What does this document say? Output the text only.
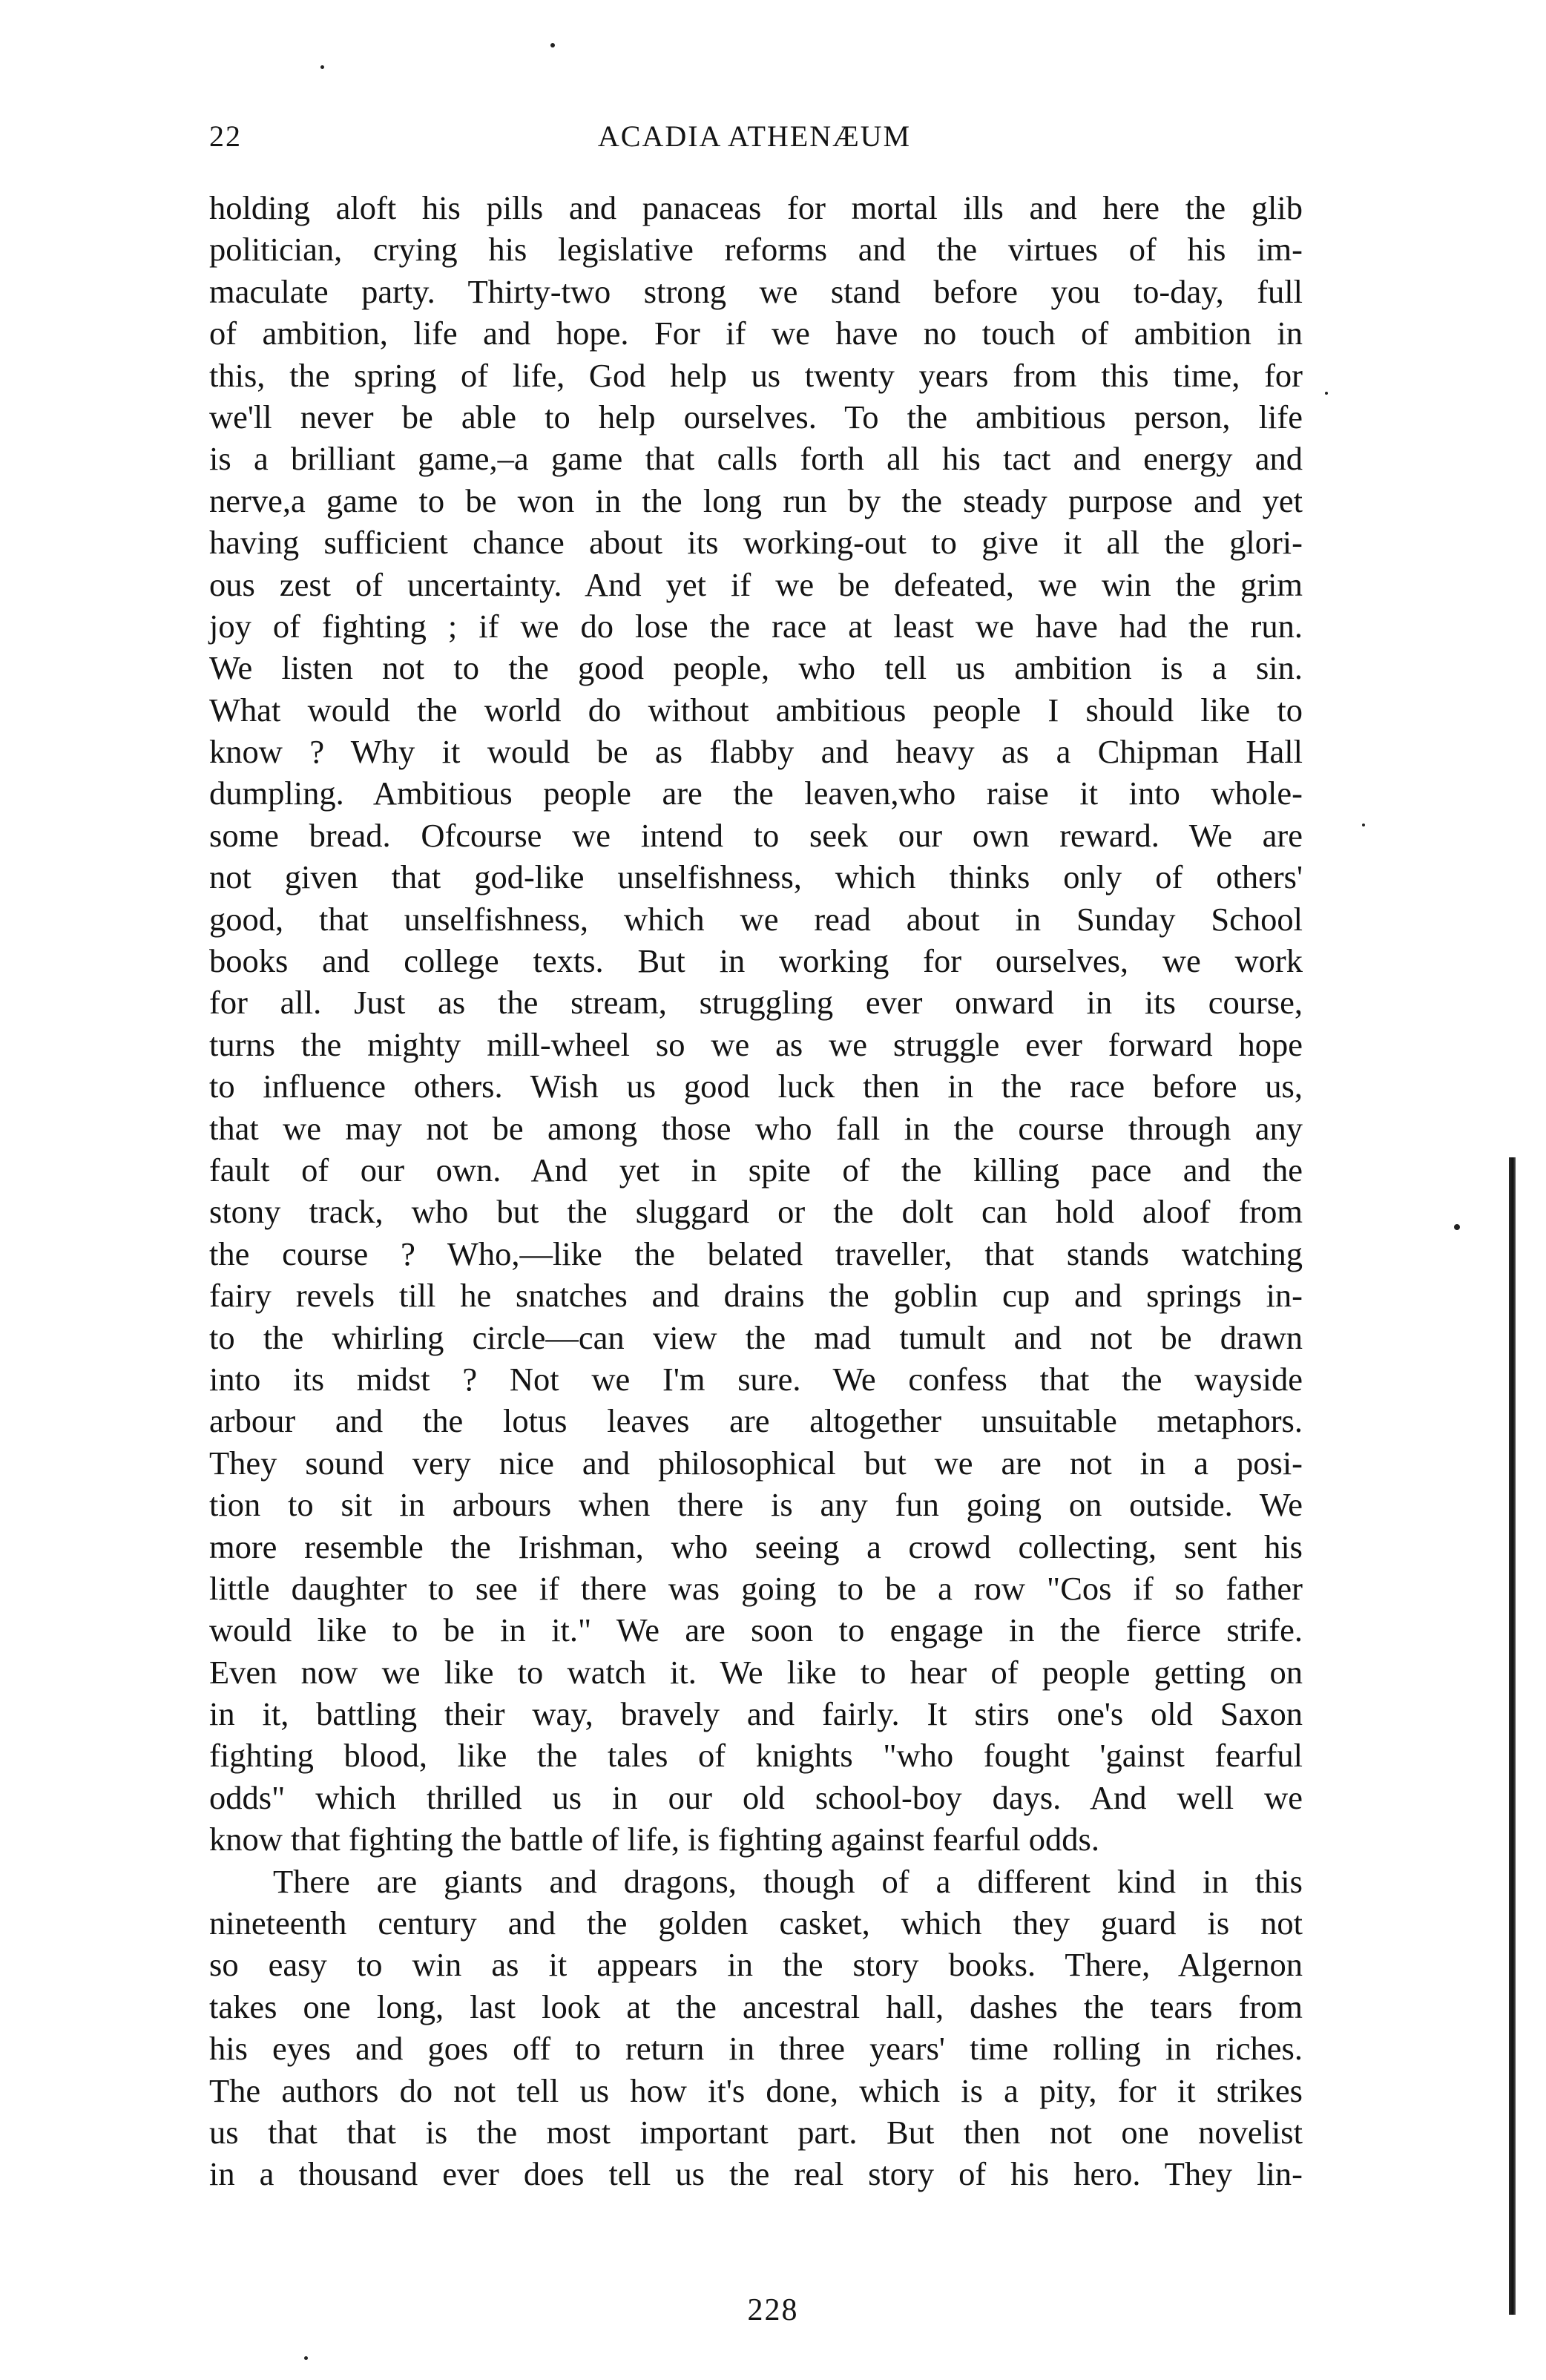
22	ACADIA ATHENÆUM
holding aloft his pills and panaceas for mortal ills and here the glib
politician, crying his legislative reforms and the virtues of his im-
maculate party. Thirty-two strong we stand before you to-day, full
of ambition, life and hope. For if we have no touch of ambition in
this, the spring of life, God help us twenty years from this time, for
we'll never be able to help ourselves. To the ambitious person, life
is a brilliant game,–a game that calls forth all his tact and energy and
nerve,a game to be won in the long run by the steady purpose and yet
having sufficient chance about its working-out to give it all the glori-
ous zest of uncertainty. And yet if we be defeated, we win the grim
joy of fighting ; if we do lose the race at least we have had the run.
We listen not to the good people, who tell us ambition is a sin.
What would the world do without ambitious people I should like to
know ? Why it would be as flabby and heavy as a Chipman Hall
dumpling. Ambitious people are the leaven,who raise it into whole-
some bread. Ofcourse we intend to seek our own reward. We are
not given that god-like unselfishness, which thinks only of others'
good, that unselfishness, which we read about in Sunday School
books and college texts. But in working for ourselves, we work
for all. Just as the stream, struggling ever onward in its course,
turns the mighty mill-wheel so we as we struggle ever forward hope
to influence others. Wish us good luck then in the race before us,
that we may not be among those who fall in the course through any
fault of our own. And yet in spite of the killing pace and the
stony track, who but the sluggard or the dolt can hold aloof from
the course ? Who,—like the belated traveller, that stands watching
fairy revels till he snatches and drains the goblin cup and springs in-
to the whirling circle—can view the mad tumult and not be drawn
into its midst ? Not we I'm sure. We confess that the wayside
arbour and the lotus leaves are altogether unsuitable metaphors.
They sound very nice and philosophical but we are not in a posi-
tion to sit in arbours when there is any fun going on outside. We
more resemble the Irishman, who seeing a crowd collecting, sent his
little daughter to see if there was going to be a row "Cos if so father
would like to be in it." We are soon to engage in the fierce strife.
Even now we like to watch it. We like to hear of people getting on
in it, battling their way, bravely and fairly. It stirs one's old Saxon
fighting blood, like the tales of knights "who fought 'gainst fearful
odds" which thrilled us in our old school-boy days. And well we
know that fighting the battle of life, is fighting against fearful odds.
There are giants and dragons, though of a different kind in this
nineteenth century and the golden casket, which they guard is not
so easy to win as it appears in the story books. There, Algernon
takes one long, last look at the ancestral hall, dashes the tears from
his eyes and goes off to return in three years' time rolling in riches.
The authors do not tell us how it's done, which is a pity, for it strikes
us that that is the most important part. But then not one novelist
in a thousand ever does tell us the real story of his hero. They lin-
228
